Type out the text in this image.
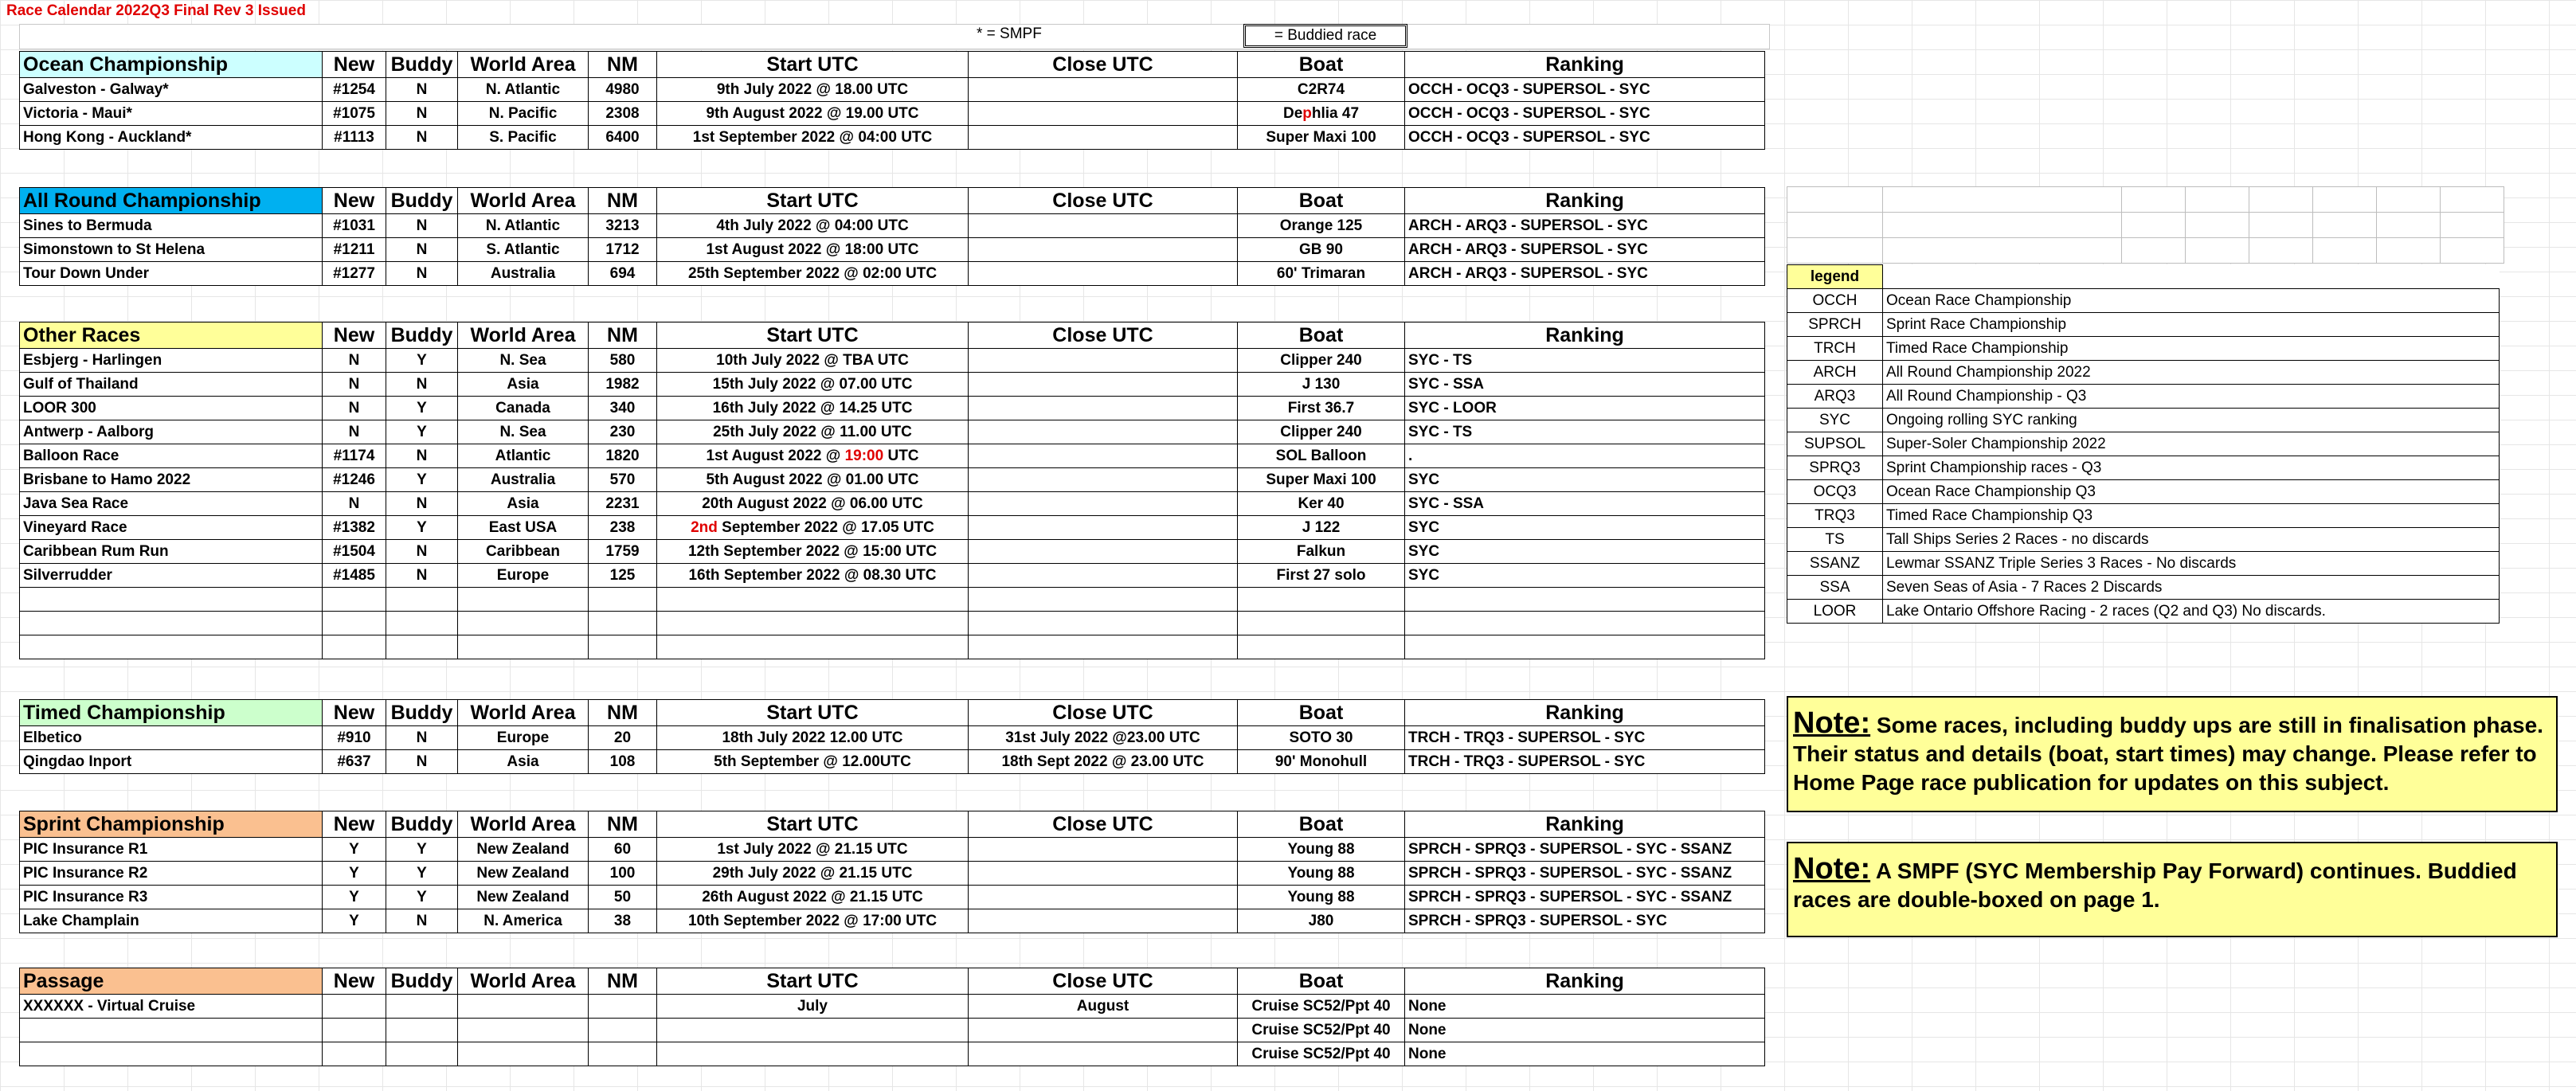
Race Calendar 2022Q3 Final Rev 3 Issued
* = SMPF	= Buddied race
Ocean Championship	New	Buddy	World Area	NM	Start UTC	Close UTC	Boat	Ranking
Galveston - Galway*	#1254	N	N. Atlantic	4980	9th July 2022 @ 18.00 UTC		C2R74	OCCH - OCQ3 - SUPERSOL - SYC
Victoria - Maui*	#1075	N	N. Pacific	2308	9th August 2022 @ 19.00 UTC		Dephlia 47	OCCH - OCQ3 - SUPERSOL - SYC
Hong Kong - Auckland*	#1113	N	S. Pacific	6400	1st September 2022 @ 04:00 UTC		Super Maxi 100	OCCH - OCQ3 - SUPERSOL - SYC
All Round Championship	New	Buddy	World Area	NM	Start UTC	Close UTC	Boat	Ranking
Sines to Bermuda	#1031	N	N. Atlantic	3213	4th July 2022 @ 04:00 UTC		Orange 125	ARCH - ARQ3 - SUPERSOL - SYC
Simonstown to St Helena	#1211	N	S. Atlantic	1712	1st August 2022 @ 18:00 UTC		GB 90	ARCH - ARQ3 - SUPERSOL - SYC
Tour Down Under	#1277	N	Australia	694	25th September 2022 @ 02:00 UTC		60' Trimaran	ARCH - ARQ3 - SUPERSOL - SYC
Other Races	New	Buddy	World Area	NM	Start UTC	Close UTC	Boat	Ranking
Esbjerg - Harlingen	N	Y	N. Sea	580	10th July 2022 @ TBA UTC		Clipper 240	SYC - TS
Gulf of Thailand	N	N	Asia	1982	15th July 2022 @ 07.00 UTC		J 130	SYC - SSA
LOOR 300	N	Y	Canada	340	16th July 2022 @ 14.25 UTC		First 36.7	SYC - LOOR
Antwerp - Aalborg	N	Y	N. Sea	230	25th July 2022 @ 11.00 UTC		Clipper 240	SYC - TS
Balloon Race	#1174	N	Atlantic	1820	1st August 2022 @ 19:00 UTC		SOL Balloon	.
Brisbane to Hamo 2022	#1246	Y	Australia	570	5th August 2022 @ 01.00 UTC		Super Maxi 100	SYC
Java Sea Race	N	N	Asia	2231	20th August 2022 @ 06.00 UTC		Ker 40	SYC - SSA
Vineyard Race	#1382	Y	East USA	238	2nd September 2022 @ 17.05 UTC		J 122	SYC
Caribbean Rum Run	#1504	N	Caribbean	1759	12th September 2022 @ 15:00 UTC		Falkun	SYC
Silverrudder	#1485	N	Europe	125	16th September 2022 @ 08.30 UTC		First 27 solo	SYC

Timed Championship	New	Buddy	World Area	NM	Start UTC	Close UTC	Boat	Ranking
Elbetico	#910	N	Europe	20	18th July 2022 12.00 UTC	31st July 2022 @23.00 UTC	SOTO 30	TRCH - TRQ3 - SUPERSOL - SYC
Qingdao Inport	#637	N	Asia	108	5th September @ 12.00UTC	18th Sept 2022 @ 23.00 UTC	90' Monohull	TRCH - TRQ3 - SUPERSOL - SYC
Sprint Championship	New	Buddy	World Area	NM	Start UTC	Close UTC	Boat	Ranking
PIC Insurance R1	Y	Y	New Zealand	60	1st July 2022 @ 21.15 UTC		Young 88	SPRCH - SPRQ3 - SUPERSOL - SYC - SSANZ
PIC Insurance R2	Y	Y	New Zealand	100	29th July 2022 @ 21.15 UTC		Young 88	SPRCH - SPRQ3 - SUPERSOL - SYC - SSANZ
PIC Insurance R3	Y	Y	New Zealand	50	26th August 2022 @ 21.15 UTC		Young 88	SPRCH - SPRQ3 - SUPERSOL - SYC - SSANZ
Lake Champlain	Y	N	N. America	38	10th September 2022 @ 17:00 UTC		J80	SPRCH - SPRQ3 - SUPERSOL - SYC
Passage	New	Buddy	World Area	NM	Start UTC	Close UTC	Boat	Ranking
XXXXXX - Virtual Cruise					July	August	Cruise SC52/Ppt 40	None
							Cruise SC52/Ppt 40	None
							Cruise SC52/Ppt 40	None

legend	
OCCH	Ocean Race Championship
SPRCH	Sprint Race Championship
TRCH	Timed Race Championship
ARCH	All Round Championship 2022
ARQ3	All Round Championship - Q3
SYC	Ongoing rolling SYC ranking
SUPSOL	Super-Soler Championship 2022
SPRQ3	Sprint Championship races - Q3
OCQ3	Ocean Race Championship Q3
TRQ3	Timed Race Championship Q3
TS	Tall Ships Series 2 Races - no discards
SSANZ	Lewmar SSANZ Triple Series 3 Races - No discards
SSA	Seven Seas of Asia - 7 Races 2 Discards
LOOR	Lake Ontario Offshore Racing - 2 races (Q2 and Q3) No discards.
Note: Some races, including buddy ups are still in finalisation phase. Their status and details (boat, start times) may change. Please refer to Home Page race publication for updates on this subject.
Note: A SMPF (SYC Membership Pay Forward) continues. Buddied races are double-boxed on page 1.
